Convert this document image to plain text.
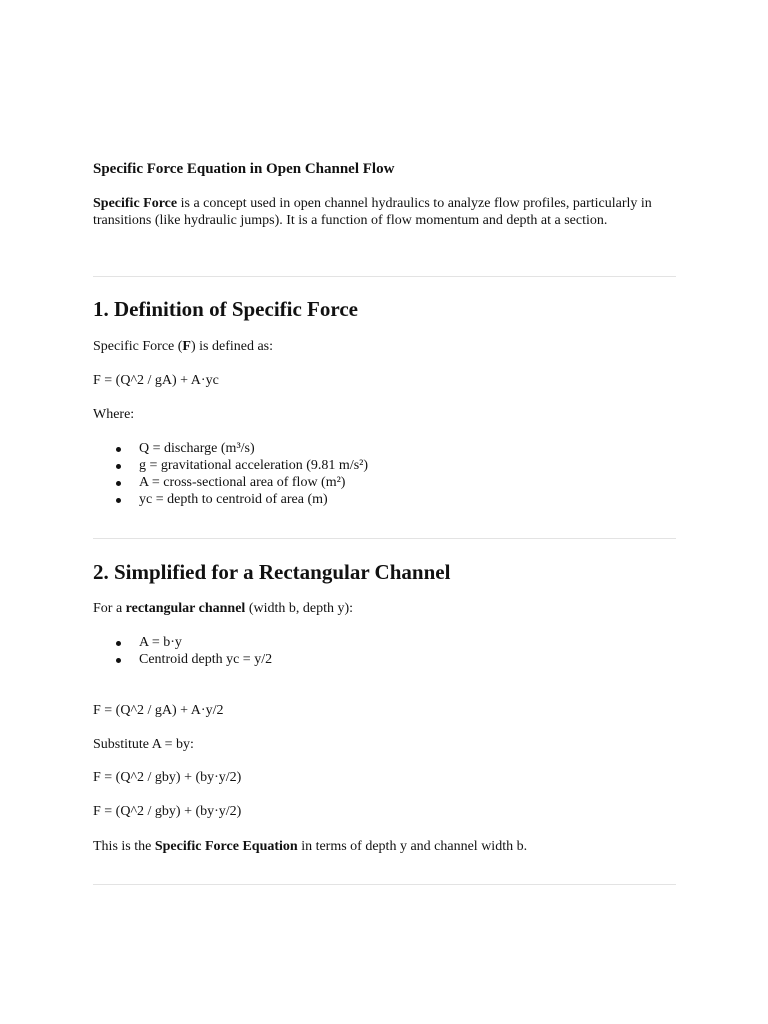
Specific Force Equation in Open Channel Flow

Specific Force is a concept used in open channel hydraulics to analyze flow profiles, particularly in transitions (like hydraulic jumps). It is a function of flow momentum and depth at a section.

1. Definition of Specific Force

Specific Force (F) is defined as:

F = (Q^2 / gA) + A·yc

Where:

Q = discharge (m³/s)
g = gravitational acceleration (9.81 m/s²)
A = cross-sectional area of flow (m²)
yc = depth to centroid of area (m)
2. Simplified for a Rectangular Channel

For a rectangular channel (width b, depth y):

A = b·y
Centroid depth yc = y/2

F = (Q^2 / gA) + A·y/2

Substitute A = by:

F = (Q^2 / gby) + (by·y/2)

F = (Q^2 / gby) + (by·y/2)

This is the Specific Force Equation in terms of depth y and channel width b.
